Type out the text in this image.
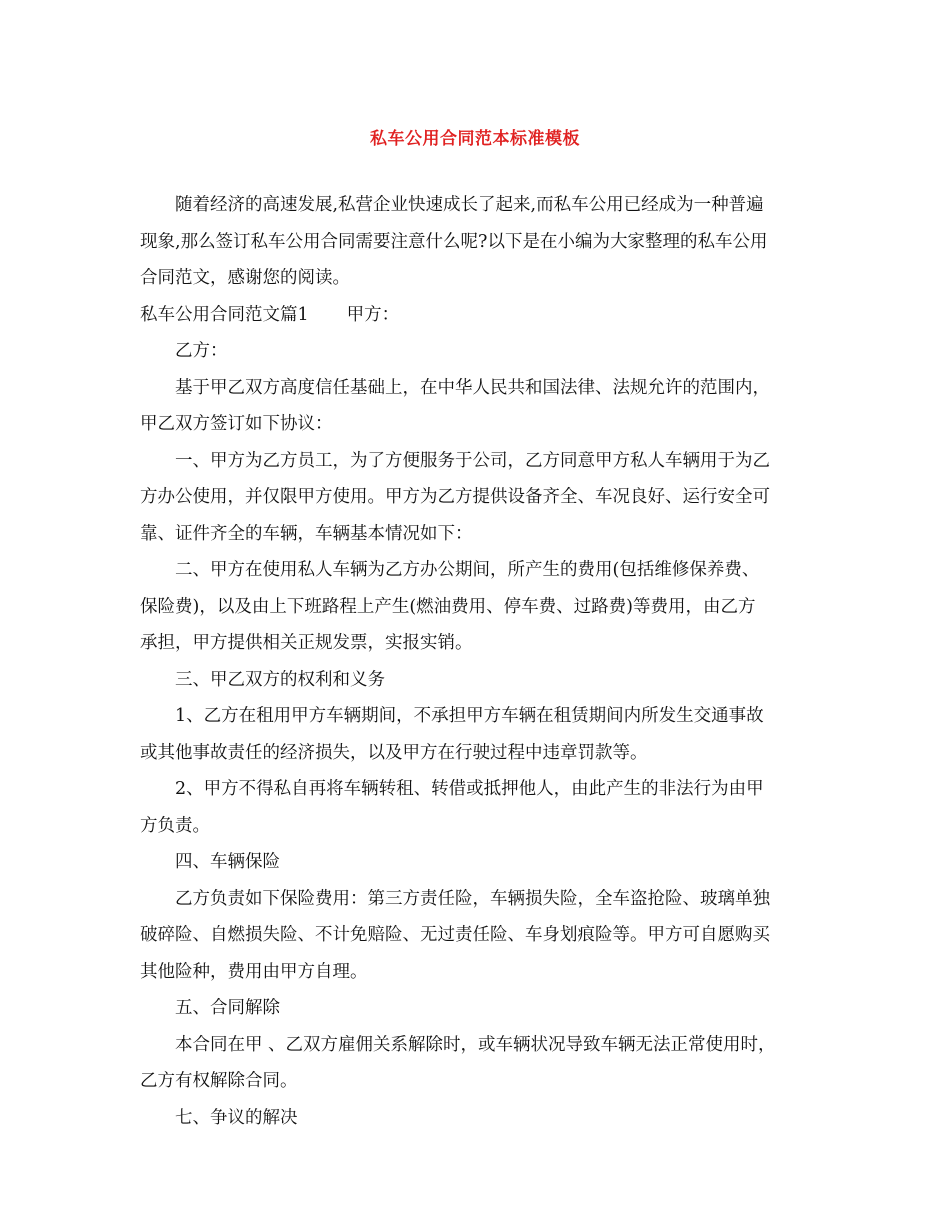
私车公用合同范本标准模板

随着经济的高速发展,私营企业快速成长了起来,而私车公用已经成为一种普遍

现象,那么签订私车公用合同需要注意什么呢?以下是在小编为大家整理的私车公用

合同范文，感谢您的阅读。

私车公用合同范文篇1 甲方：

乙方：

基于甲乙双方高度信任基础上，在中华人民共和国法律、法规允许的范围内，

甲乙双方签订如下协议：

一、甲方为乙方员工，为了方便服务于公司，乙方同意甲方私人车辆用于为乙

方办公使用，并仅限甲方使用。甲方为乙方提供设备齐全、车况良好、运行安全可

靠、证件齐全的车辆，车辆基本情况如下：

二、甲方在使用私人车辆为乙方办公期间，所产生的费用(包括维修保养费、

保险费)，以及由上下班路程上产生(燃油费用、停车费、过路费)等费用，由乙方

承担，甲方提供相关正规发票，实报实销。

三、甲乙双方的权利和义务

1、乙方在租用甲方车辆期间，不承担甲方车辆在租赁期间内所发生交通事故

或其他事故责任的经济损失，以及甲方在行驶过程中违章罚款等。

2、甲方不得私自再将车辆转租、转借或抵押他人，由此产生的非法行为由甲

方负责。

四、车辆保险

乙方负责如下保险费用：第三方责任险，车辆损失险，全车盗抢险、玻璃单独

破碎险、自燃损失险、不计免赔险、无过责任险、车身划痕险等。甲方可自愿购买

其他险种，费用由甲方自理。

五、合同解除

本合同在甲 、乙双方雇佣关系解除时，或车辆状况导致车辆无法正常使用时，

乙方有权解除合同。

七、争议的解决
